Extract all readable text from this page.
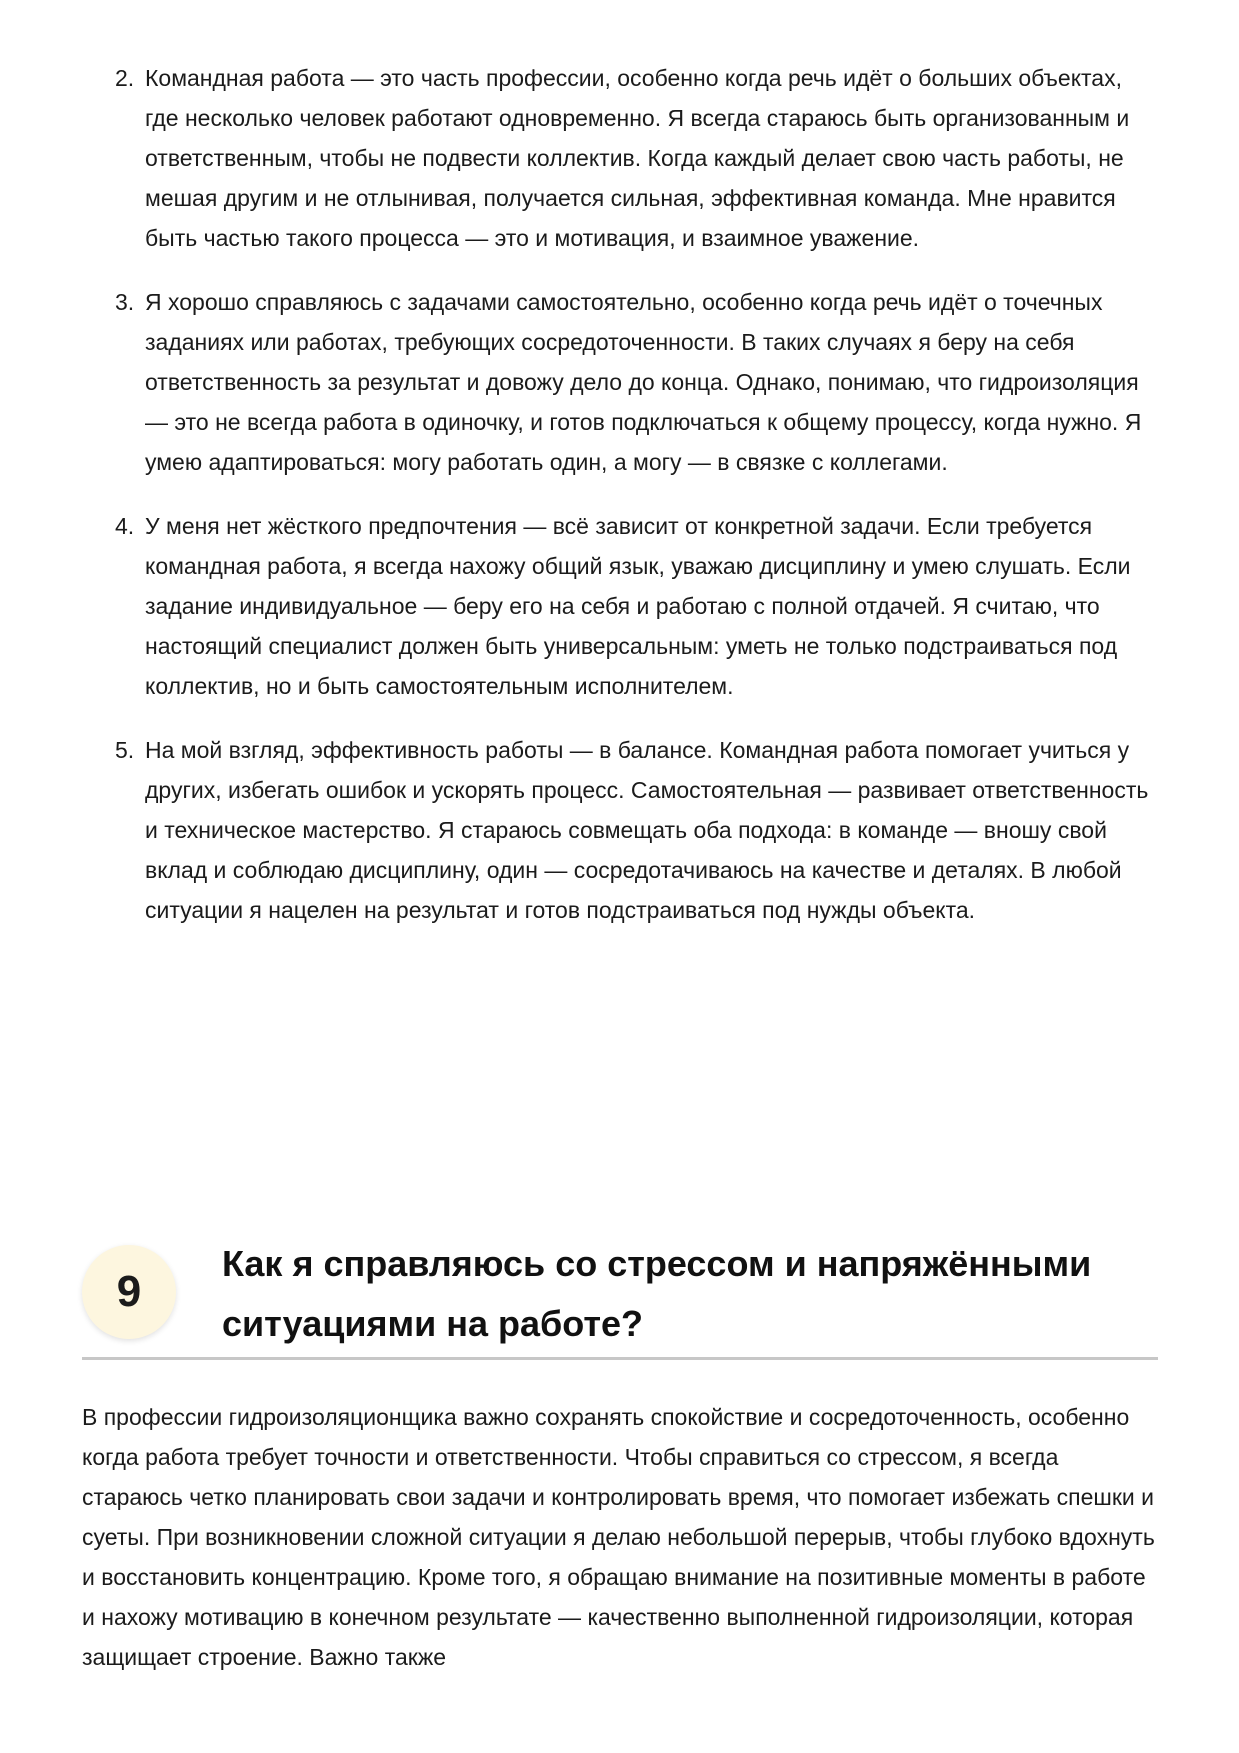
2. Командная работа — это часть профессии, особенно когда речь идёт о больших объектах, где несколько человек работают одновременно. Я всегда стараюсь быть организованным и ответственным, чтобы не подвести коллектив. Когда каждый делает свою часть работы, не мешая другим и не отлынивая, получается сильная, эффективная команда. Мне нравится быть частью такого процесса — это и мотивация, и взаимное уважение.
3. Я хорошо справляюсь с задачами самостоятельно, особенно когда речь идёт о точечных заданиях или работах, требующих сосредоточенности. В таких случаях я беру на себя ответственность за результат и довожу дело до конца. Однако, понимаю, что гидроизоляция — это не всегда работа в одиночку, и готов подключаться к общему процессу, когда нужно. Я умею адаптироваться: могу работать один, а могу — в связке с коллегами.
4. У меня нет жёсткого предпочтения — всё зависит от конкретной задачи. Если требуется командная работа, я всегда нахожу общий язык, уважаю дисциплину и умею слушать. Если задание индивидуальное — беру его на себя и работаю с полной отдачей. Я считаю, что настоящий специалист должен быть универсальным: уметь не только подстраиваться под коллектив, но и быть самостоятельным исполнителем.
5. На мой взгляд, эффективность работы — в балансе. Командная работа помогает учиться у других, избегать ошибок и ускорять процесс. Самостоятельная — развивает ответственность и техническое мастерство. Я стараюсь совмещать оба подхода: в команде — вношу свой вклад и соблюдаю дисциплину, один — сосредотачиваюсь на качестве и деталях. В любой ситуации я нацелен на результат и готов подстраиваться под нужды объекта.
9
Как я справляюсь со стрессом и напряжёнными ситуациями на работе?

В профессии гидроизоляционщика важно сохранять спокойствие и сосредоточенность, особенно когда работа требует точности и ответственности. Чтобы справиться со стрессом, я всегда стараюсь четко планировать свои задачи и контролировать время, что помогает избежать спешки и суеты. При возникновении сложной ситуации я делаю небольшой перерыв, чтобы глубоко вдохнуть и восстановить концентрацию. Кроме того, я обращаю внимание на позитивные моменты в работе и нахожу мотивацию в конечном результате — качественно выполненной гидроизоляции, которая защищает строение. Важно также
